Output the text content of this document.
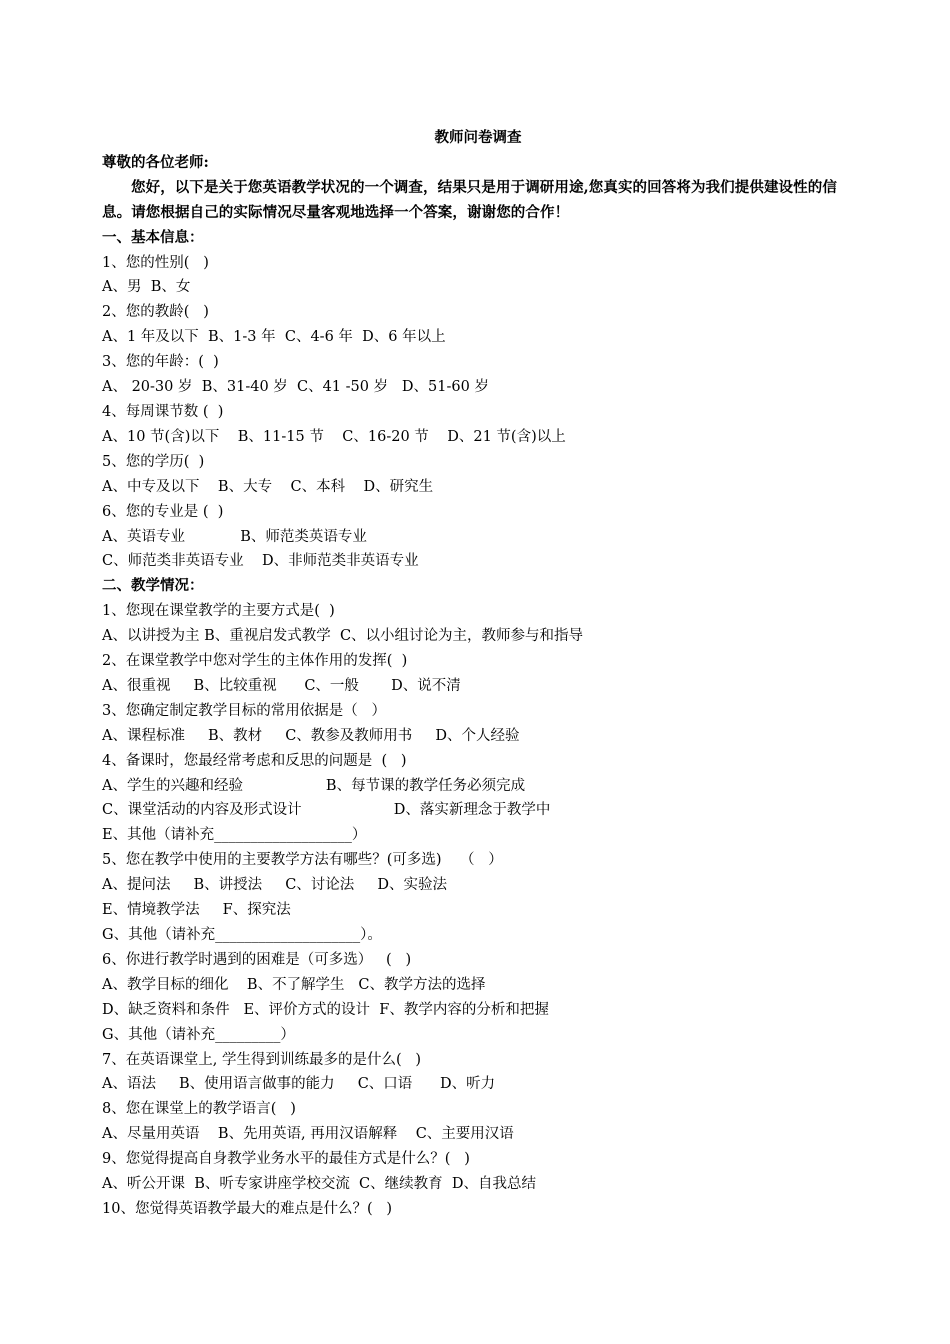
教师问卷调查

尊敬的各位老师:

您好，以下是关于您英语教学状况的一个调查，结果只是用于调研用途,您真实的回答将为我们提供建设性的信息。请您根据自己的实际情况尽量客观地选择一个答案，谢谢您的合作！

一、基本信息：

1、您的性别(   )

A、男  B、女

2、您的教龄(   )

A、1 年及以下  B、1-3 年  C、4-6 年  D、6 年以上

3、您的年龄：(  )

A、 20-30 岁  B、31-40 岁  C、41 -50 岁   D、51-60 岁

4、每周课节数 (  )

A、10 节(含)以下    B、11-15 节    C、16-20 节    D、21 节(含)以上

5、您的学历(  )

A、中专及以下    B、大专    C、本科    D、研究生

6、您的专业是 (  )

A、英语专业            B、师范类英语专业

C、师范类非英语专业    D、非师范类非英语专业

二、教学情况：

1、您现在课堂教学的主要方式是(  )

A、以讲授为主 B、重视启发式教学  C、以小组讨论为主，教师参与和指导

2、在课堂教学中您对学生的主体作用的发挥(  )

A、很重视     B、比较重视      C、一般       D、说不清

3、您确定制定教学目标的常用依据是（   ）

A、课程标准     B、教材     C、教参及教师用书     D、个人经验

4、备课时，您最经常考虑和反思的问题是  (   )

A、学生的兴趣和经验                  B、每节课的教学任务必须完成

C、课堂活动的内容及形式设计                    D、落实新理念于教学中

E、其他（请补充___________________）

5、您在教学中使用的主要教学方法有哪些？(可多选)    （   ）

A、提问法     B、讲授法     C、讨论法     D、实验法

E、情境教学法     F、探究法

G、其他（请补充____________________）。

6、你进行教学时遇到的困难是（可多选）   (   )

A、教学目标的细化    B、不了解学生   C、教学方法的选择

D、缺乏资料和条件   E、评价方式的设计  F、教学内容的分析和把握

G、其他（请补充_________）

7、在英语课堂上, 学生得到训练最多的是什么(   )

A、语法     B、使用语言做事的能力     C、口语      D、听力

8、您在课堂上的教学语言(   )

A、尽量用英语    B、先用英语, 再用汉语解释    C、主要用汉语

9、您觉得提高自身教学业务水平的最佳方式是什么？(   )

A、听公开课  B、听专家讲座学校交流  C、继续教育  D、自我总结

10、您觉得英语教学最大的难点是什么？(   )
